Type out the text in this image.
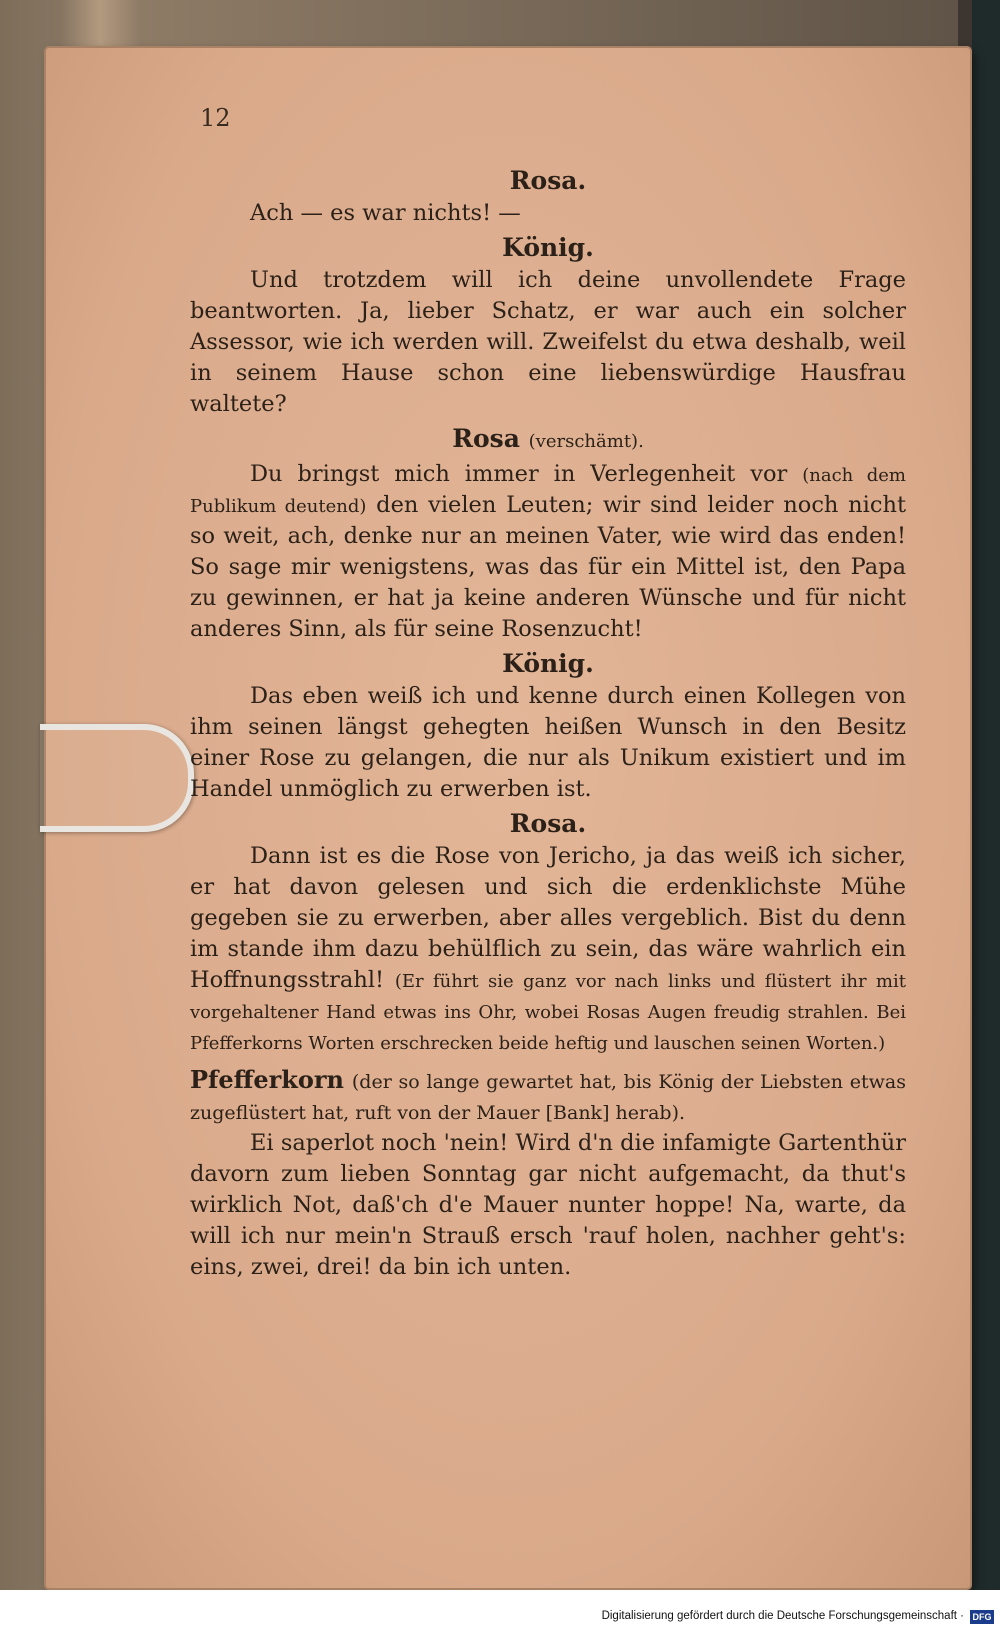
12
Rosa.

Ach — es war nichts! —

König.

Und trotzdem will ich deine unvollendete Frage beantworten. Ja, lieber Schatz, er war auch ein solcher Assessor, wie ich werden will. Zweifelst du etwa deshalb, weil in seinem Hause schon eine liebenswürdige Hausfrau waltete?

Rosa (verschämt).

Du bringst mich immer in Verlegenheit vor (nach dem Publikum deutend) den vielen Leuten; wir sind leider noch nicht so weit, ach, denke nur an meinen Vater, wie wird das enden! So sage mir wenigstens, was das für ein Mittel ist, den Papa zu gewinnen, er hat ja keine anderen Wünsche und für nicht anderes Sinn, als für seine Rosenzucht!

König.

Das eben weiß ich und kenne durch einen Kollegen von ihm seinen längst gehegten heißen Wunsch in den Besitz einer Rose zu gelangen, die nur als Unikum existiert und im Handel unmöglich zu erwerben ist.

Rosa.

Dann ist es die Rose von Jericho, ja das weiß ich sicher, er hat davon gelesen und sich die erdenklichste Mühe gegeben sie zu erwerben, aber alles vergeblich. Bist du denn im stande ihm dazu behülflich zu sein, das wäre wahrlich ein Hoffnungsstrahl! (Er führt sie ganz vor nach links und flüstert ihr mit vorgehaltener Hand etwas ins Ohr, wobei Rosas Augen freudig strahlen. Bei Pfefferkorns Worten erschrecken beide heftig und lauschen seinen Worten.)

Pfefferkorn (der so lange gewartet hat, bis König der Liebsten etwas zugeflüstert hat, ruft von der Mauer [Bank] herab).

Ei saperlot noch 'nein! Wird d'n die infamigte Gartenthür davorn zum lieben Sonntag gar nicht aufgemacht, da thut's wirklich Not, daß'ch d'e Mauer nunter hoppe! Na, warte, da will ich nur mein'n Strauß ersch 'rauf holen, nachher geht's: eins, zwei, drei! da bin ich unten.

Digitalisierung gefördert durch die Deutsche Forschungsgemeinschaft · DFG
